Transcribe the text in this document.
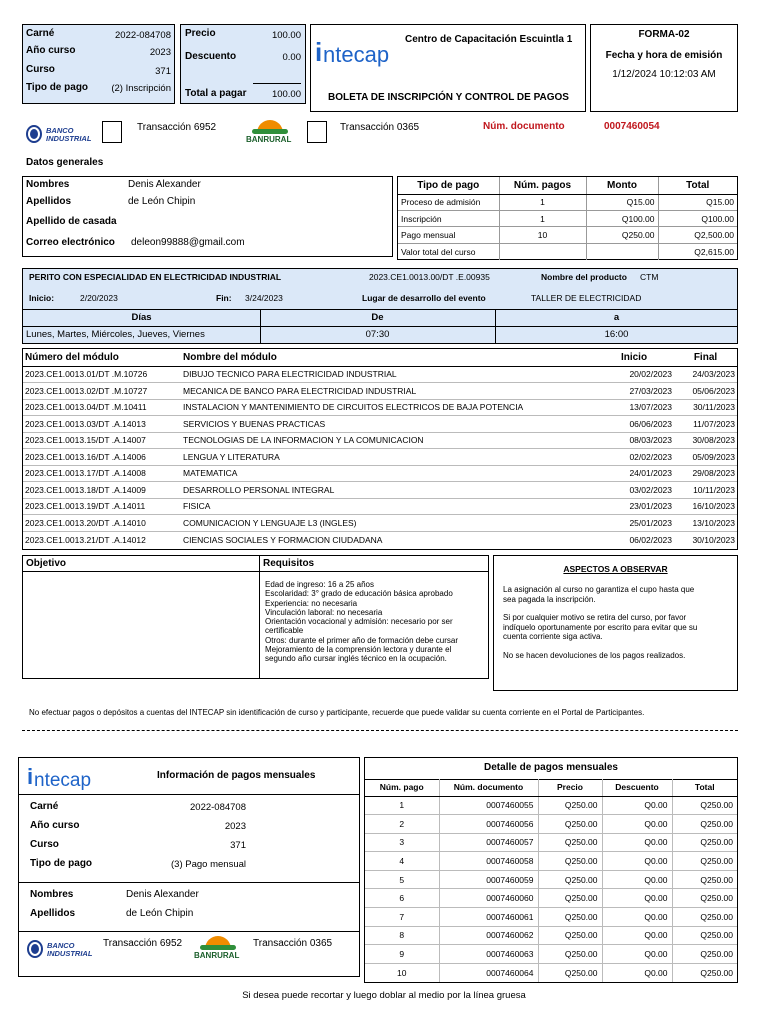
Carné	2022-084708
Año curso	2023
Curso	371
Tipo de pago (2) Inscripción
Precio	100.00
Descuento	0.00
Total a pagar	100.00
i ntecap
Centro de Capacitación Escuintla 1
BOLETA DE INSCRIPCIÓN Y CONTROL DE PAGOS
FORMA-02
Fecha y hora de emisión
1/12/2024 10:12:03 AM
BANCO
INDUSTRIAL
Transacción 6952
BANRURAL
Transacción 0365	Núm. documento	0007460054
Datos generales
Nombres	Denis Alexander
Apellidos	de León Chipin
Apellido de casada
Correo electrónico deleon99888@gmail.com
Tipo de pago	Núm. pagos	Monto	Total
Proceso de admisión	1	Q15.00	Q15.00
Inscripción	1	Q100.00	Q100.00
Pago mensual	10	Q250.00	Q2,500.00
Valor total del curso			Q2,615.00
PERITO CON ESPECIALIDAD EN ELECTRICIDAD INDUSTRIAL	2023.CE1.0013.00/DT .E.00935	Nombre del producto CTM
Inicio:	2/20/2023	Fin: 3/24/2023	Lugar de desarrollo del evento	TALLER DE ELECTRICIDAD
Días	De	a
Lunes, Martes, Miércoles, Jueves, Viernes	07:30	16:00
Número del módulo	Nombre del módulo	Inicio	Final
2023.CE1.0013.01/DT .M.10726	DIBUJO TECNICO PARA ELECTRICIDAD INDUSTRIAL	20/02/2023	24/03/2023
2023.CE1.0013.02/DT .M.10727	MECANICA DE BANCO PARA ELECTRICIDAD INDUSTRIAL	27/03/2023	05/06/2023
2023.CE1.0013.04/DT .M.10411	INSTALACION Y MANTENIMIENTO DE CIRCUITOS ELECTRICOS DE BAJA POTENCIA	13/07/2023	30/11/2023
2023.CE1.0013.03/DT .A.14013	SERVICIOS Y BUENAS PRACTICAS	06/06/2023	11/07/2023
2023.CE1.0013.15/DT .A.14007	TECNOLOGIAS DE LA INFORMACION Y LA COMUNICACION	08/03/2023	30/08/2023
2023.CE1.0013.16/DT .A.14006	LENGUA Y LITERATURA	02/02/2023	05/09/2023
2023.CE1.0013.17/DT .A.14008	MATEMATICA	24/01/2023	29/08/2023
2023.CE1.0013.18/DT .A.14009	DESARROLLO PERSONAL INTEGRAL	03/02/2023	10/11/2023
2023.CE1.0013.19/DT .A.14011	FISICA	23/01/2023	16/10/2023
2023.CE1.0013.20/DT .A.14010	COMUNICACION Y LENGUAJE L3 (INGLES)	25/01/2023	13/10/2023
2023.CE1.0013.21/DT .A.14012	CIENCIAS SOCIALES Y FORMACION CIUDADANA	06/02/2023	30/10/2023
Objetivo	Requisitos
Edad de ingreso: 16 a 25 años
Escolaridad: 3° grado de educación básica aprobado
Experiencia: no necesaria
Vinculación laboral: no necesaria
Orientación vocacional y admisión: necesario por ser
certificable
Otros: durante el primer año de formación debe cursar
Mejoramiento de la comprensión lectora y durante el
segundo año cursar inglés técnico en la ocupación.
ASPECTOS A OBSERVAR
La asignación al curso no garantiza el cupo hasta que
sea pagada la inscripción.
Si por cualquier motivo se retira del curso, por favor
indíquelo oportunamente por escrito para evitar que su
cuenta corriente siga activa.
No se hacen devoluciones de los pagos realizados.
No efectuar pagos o depósitos a cuentas del INTECAP sin identificación de curso y participante, recuerde que puede validar su cuenta corriente en el Portal de Participantes.
i ntecap	Información de pagos mensuales
Carné	2022-084708
Año curso	2023
Curso	371
Tipo de pago	(3) Pago mensual
Nombres	Denis Alexander
Apellidos	de León Chipin
BANCO
INDUSTRIAL
Transacción 6952
BANRURAL
Transacción 0365
Detalle de pagos mensuales
Núm. pago	Núm. documento	Precio	Descuento	Total
1	0007460055	Q250.00	Q0.00	Q250.00
2	0007460056	Q250.00	Q0.00	Q250.00
3	0007460057	Q250.00	Q0.00	Q250.00
4	0007460058	Q250.00	Q0.00	Q250.00
5	0007460059	Q250.00	Q0.00	Q250.00
6	0007460060	Q250.00	Q0.00	Q250.00
7	0007460061	Q250.00	Q0.00	Q250.00
8	0007460062	Q250.00	Q0.00	Q250.00
9	0007460063	Q250.00	Q0.00	Q250.00
10	0007460064	Q250.00	Q0.00	Q250.00
Si desea puede recortar y luego doblar al medio por la línea gruesa
